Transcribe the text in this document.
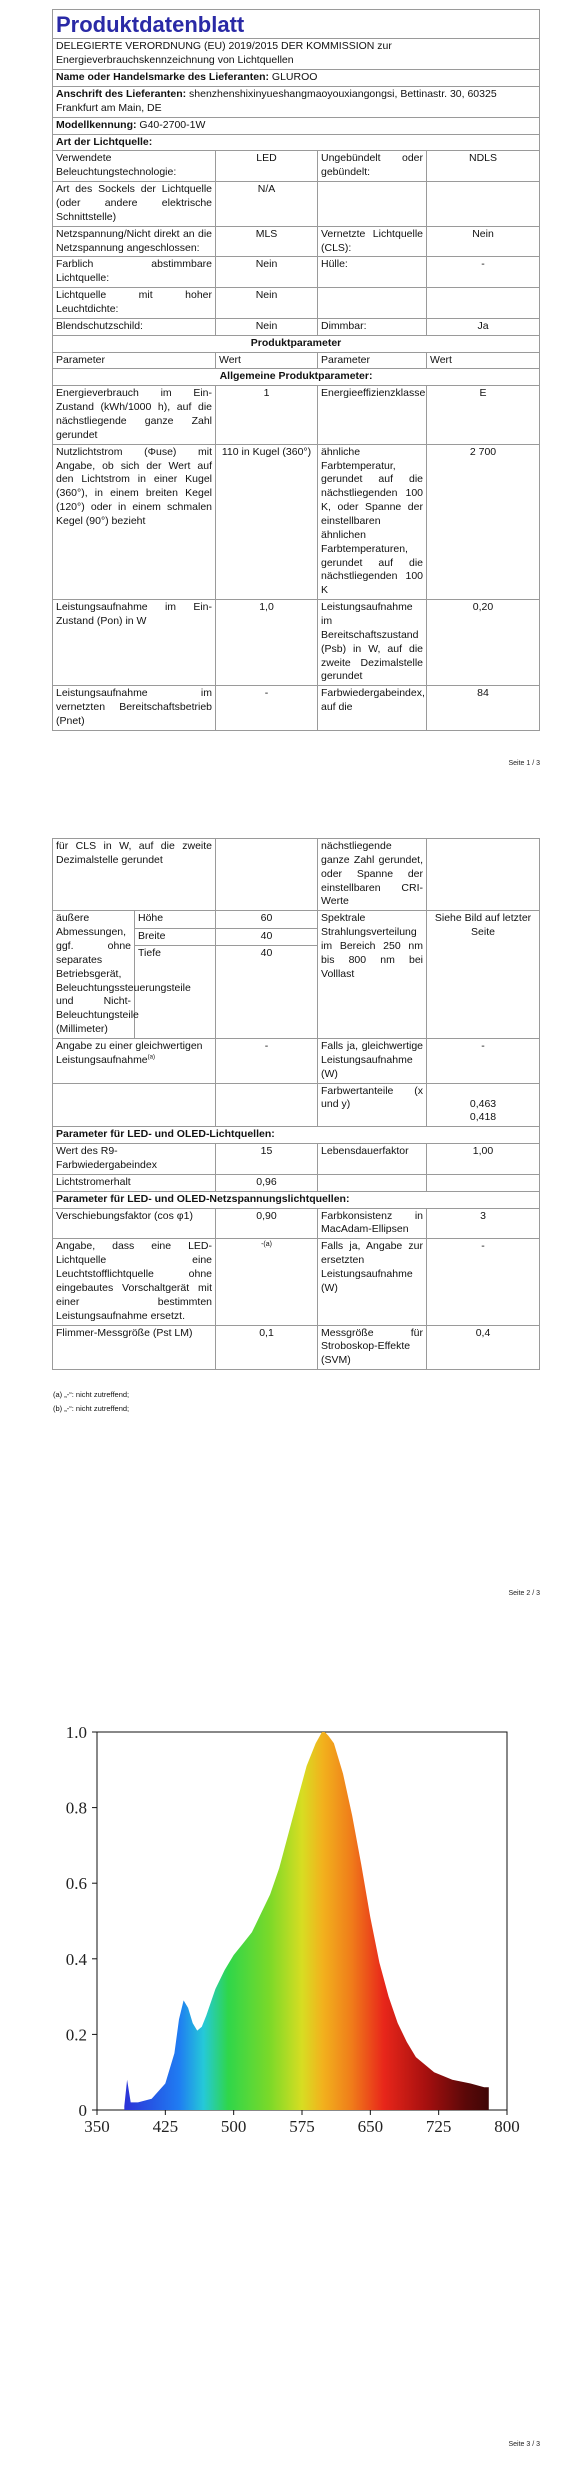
Produktdatenblatt			
DELEGIERTE VERORDNUNG (EU) 2019/2015 DER KOMMISSION zur Energieverbrauchskennzeichnung von Lichtquellen			
Name oder Handelsmarke des Lieferanten: GLUROO			
Anschrift des Lieferanten: shenzhenshixinyueshangmaoyouxiangongsi, Bettinastr. 30, 60325 Frankfurt am Main, DE			
Modellkennung: G40-2700-1W			
Art der Lichtquelle:			
Verwendete Beleuchtungstechnologie:	LED	Ungebündelt oder gebündelt:	NDLS
Art des Sockels der Lichtquelle (oder andere elektrische Schnittstelle)	N/A		
Netzspannung/Nicht direkt an die Netzspannung angeschlossen:	MLS	Vernetzte Lichtquelle (CLS):	Nein
Farblich abstimmbare Lichtquelle:	Nein	Hülle:	-
Lichtquelle mit hoher Leuchtdichte:	Nein		
Blendschutzschild:	Nein	Dimmbar:	Ja
Produktparameter			
Parameter	Wert	Parameter	Wert
Allgemeine Produktparameter:			
Energieverbrauch im Ein-Zustand (kWh/1000 h), auf die nächstliegende ganze Zahl gerundet	1	Energieeffizienzklasse	E
Nutzlichtstrom (Φuse) mit Angabe, ob sich der Wert auf den Lichtstrom in einer Kugel (360°), in einem breiten Kegel (120°) oder in einem schmalen Kegel (90°) bezieht	110 in Kugel (360°)	ähnliche Farbtemperatur, gerundet auf die nächstliegenden 100 K, oder Spanne der einstellbaren ähnlichen Farbtemperaturen, gerundet auf die nächstliegenden 100 K	2 700
Leistungsaufnahme im Ein-Zustand (Pon) in W	1,0	Leistungsaufnahme im Bereitschaftszustand (Psb) in W, auf die zweite Dezimalstelle gerundet	0,20
Leistungsaufnahme im vernetzten Bereitschaftsbetrieb (Pnet)	-	Farbwiedergabeindex, auf die	84
Seite 1 / 3
für CLS in W, auf die zweite Dezimalstelle gerundet			nächstliegende ganze Zahl gerundet, oder Spanne der einstellbaren CRI-Werte	
äußere Abmessungen, ggf. ohne separates Betriebsgerät, Beleuchtungssteuerungsteile und Nicht-Beleuchtungsteile (Millimeter)	Höhe	60	Spektrale Strahlungsverteilung im Bereich 250 nm bis 800 nm bei Volllast	Siehe Bild auf letzter Seite
	Breite	40		
	Tiefe	40		
Angabe zu einer gleichwertigen Leistungsaufnahme$^{(a)}$		-	Falls ja, gleichwertige Leistungsaufnahme (W)	-
			Farbwertanteile (x und y)	0,463
0,418

Parameter für LED- und OLED-Lichtquellen:				
Wert des R9-Farbwiedergabeindex		15	Lebensdauerfaktor	1,00
Lichtstromerhalt		0,96		
Parameter für LED- und OLED-Netzspannungslichtquellen:				
Verschiebungsfaktor (cos φ1)		0,90	Farbkonsistenz in MacAdam-Ellipsen	3
Angabe, dass eine LED-Lichtquelle eine Leuchtstofflichtquelle ohne eingebautes Vorschaltgerät mit einer bestimmten Leistungsaufnahme ersetzt.		-(a)	Falls ja, Angabe zur ersetzten Leistungsaufnahme (W)	-
Flimmer-Messgröße (Pst LM)		0,1	Messgröße für Stroboskop-Effekte (SVM)	0,4
(a) „-“: nicht zutreffend;
(b) „-“: nicht zutreffend;
Seite 2 / 3
Seite 3 / 3
350	425	500	575	650	725	800
0
0.2
0.4
0.6
0.8
1.0
